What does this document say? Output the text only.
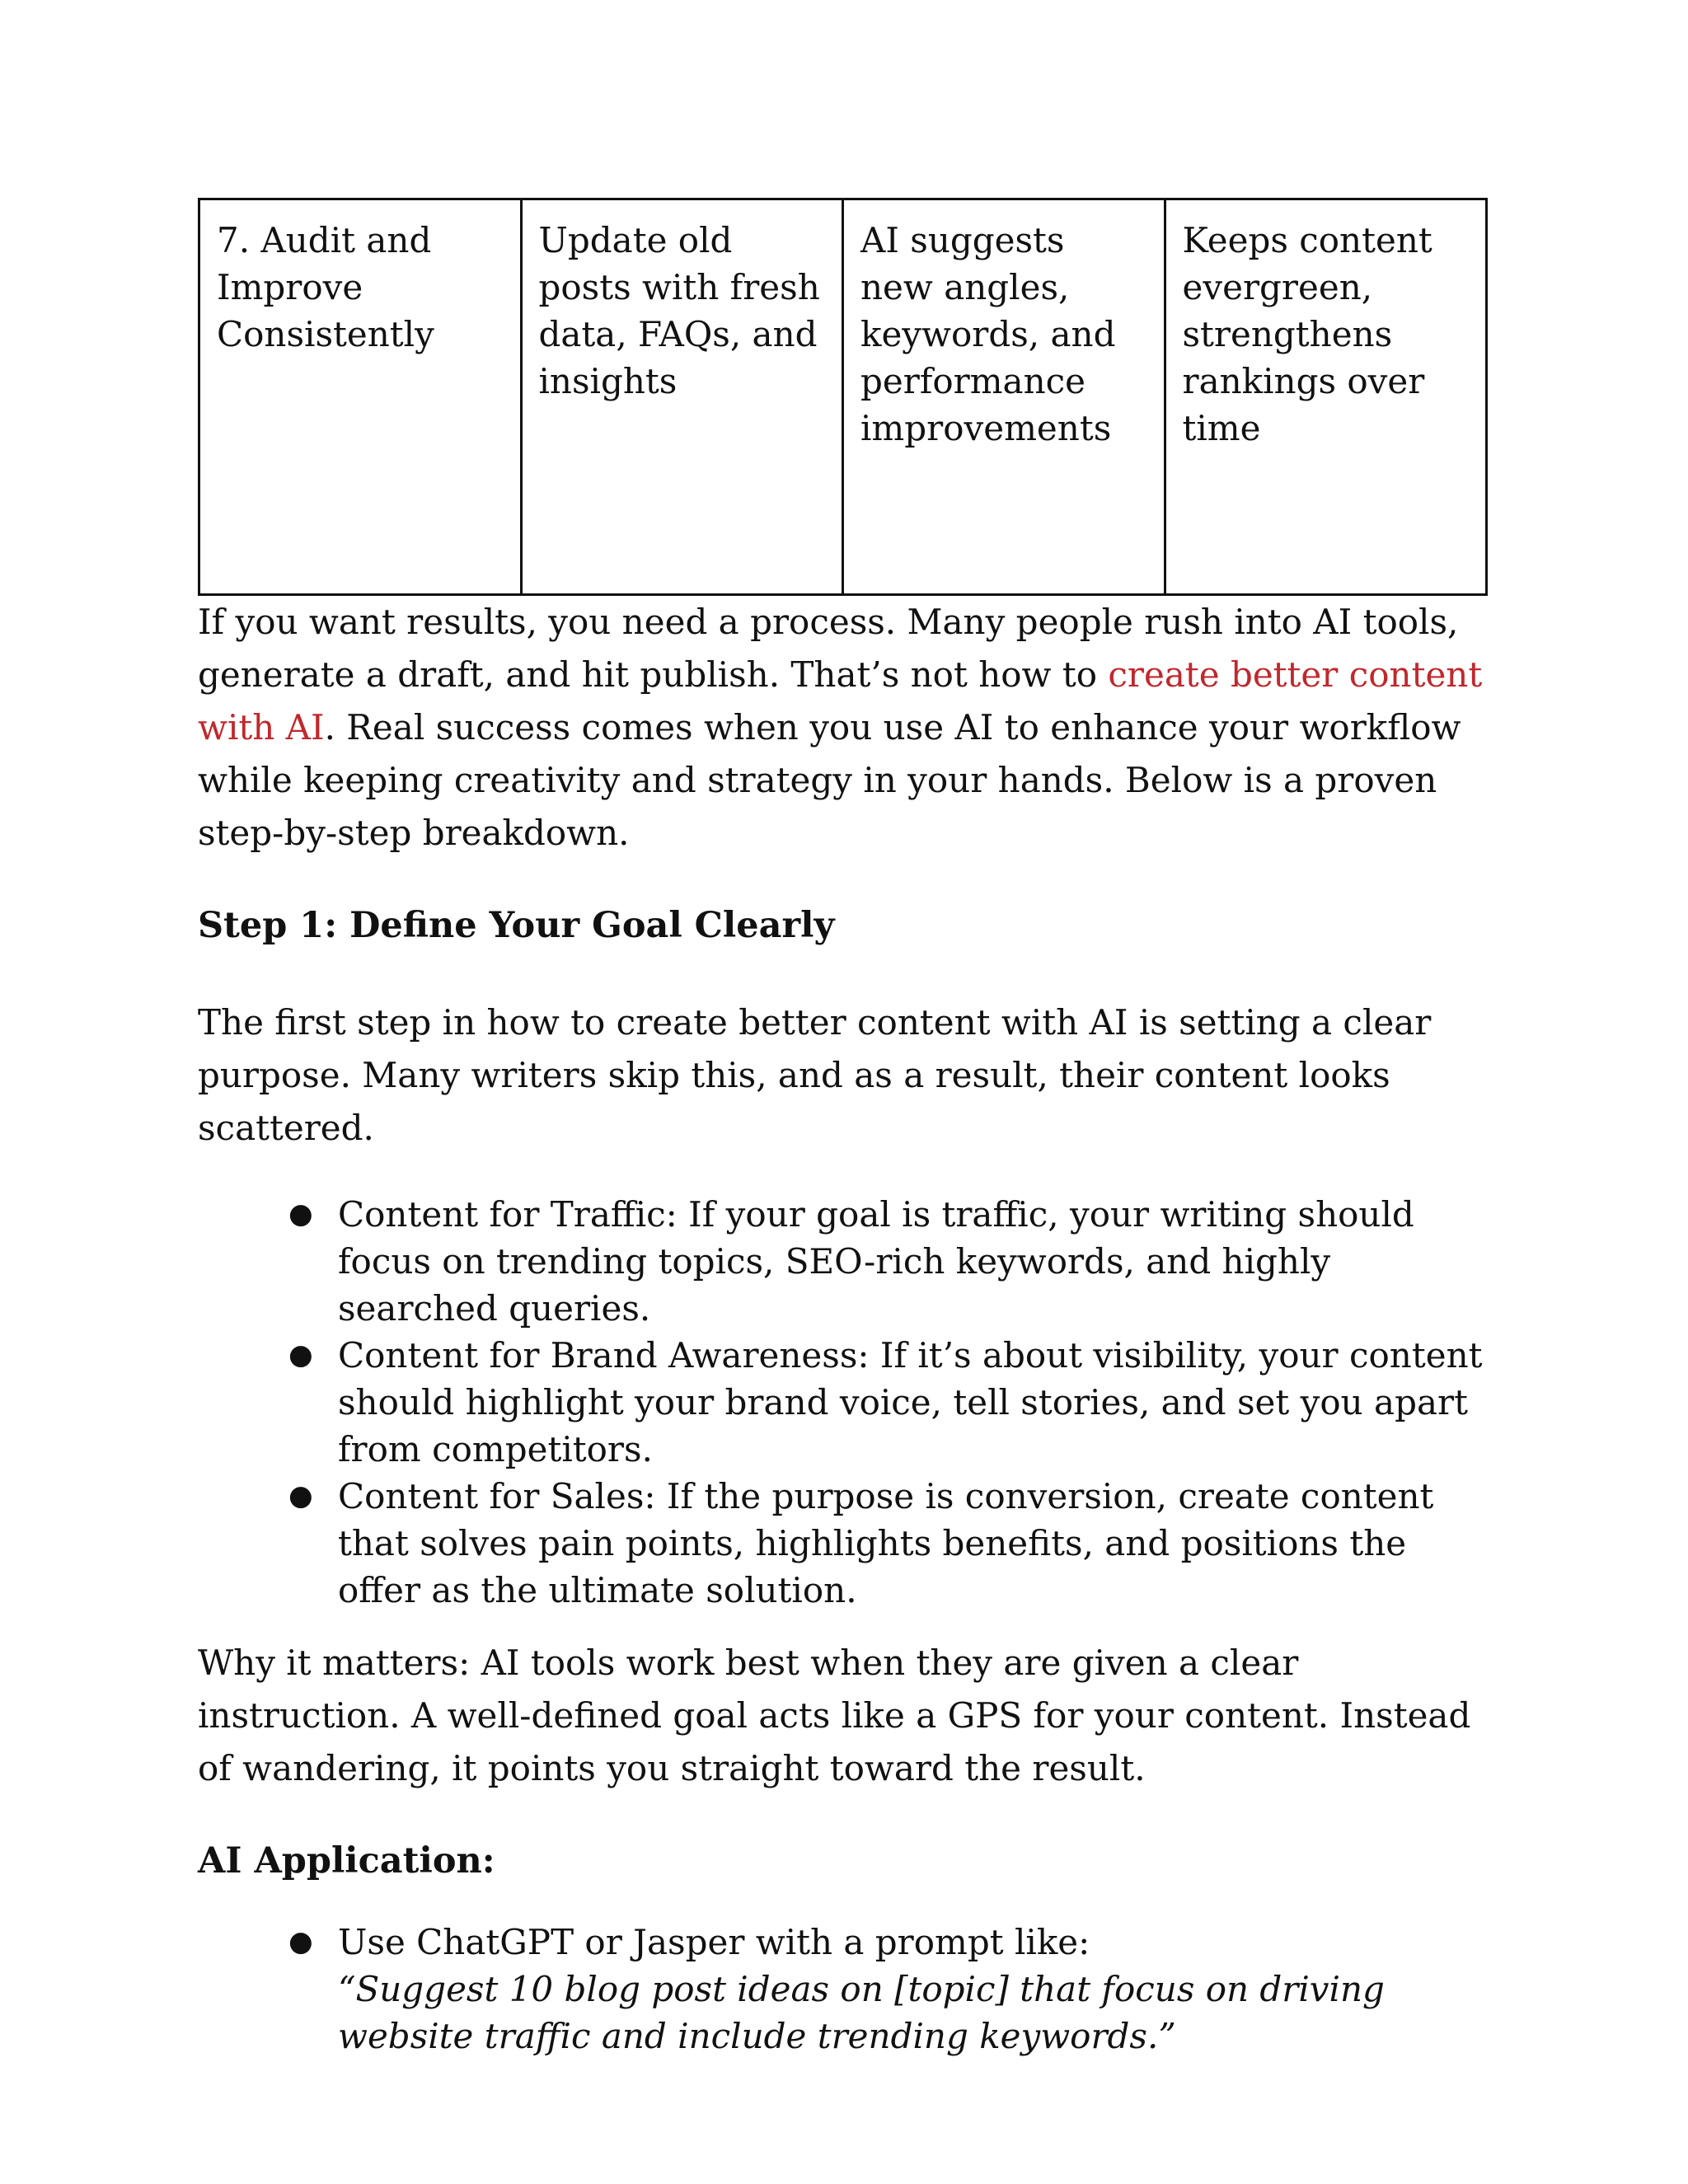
7. Audit and Improve Consistently	Update old posts with fresh data, FAQs, and insights	AI suggests new angles, keywords, and performance improvements	Keeps content evergreen, strengthens rankings over time

If you want results, you need a process. Many people rush into AI tools, generate a draft, and hit publish. That’s not how to create better content with AI. Real success comes when you use AI to enhance your workflow while keeping creativity and strategy in your hands. Below is a proven step-by-step breakdown.

Step 1: Define Your Goal Clearly

The first step in how to create better content with AI is setting a clear purpose. Many writers skip this, and as a result, their content looks scattered.

● Content for Traffic: If your goal is traffic, your writing should focus on trending topics, SEO-rich keywords, and highly searched queries.
● Content for Brand Awareness: If it’s about visibility, your content should highlight your brand voice, tell stories, and set you apart from competitors.
● Content for Sales: If the purpose is conversion, create content that solves pain points, highlights benefits, and positions the offer as the ultimate solution.

Why it matters: AI tools work best when they are given a clear instruction. A well-defined goal acts like a GPS for your content. Instead of wandering, it points you straight toward the result.

AI Application:
● Use ChatGPT or Jasper with a prompt like:
“Suggest 10 blog post ideas on [topic] that focus on driving website traffic and include trending keywords.”
